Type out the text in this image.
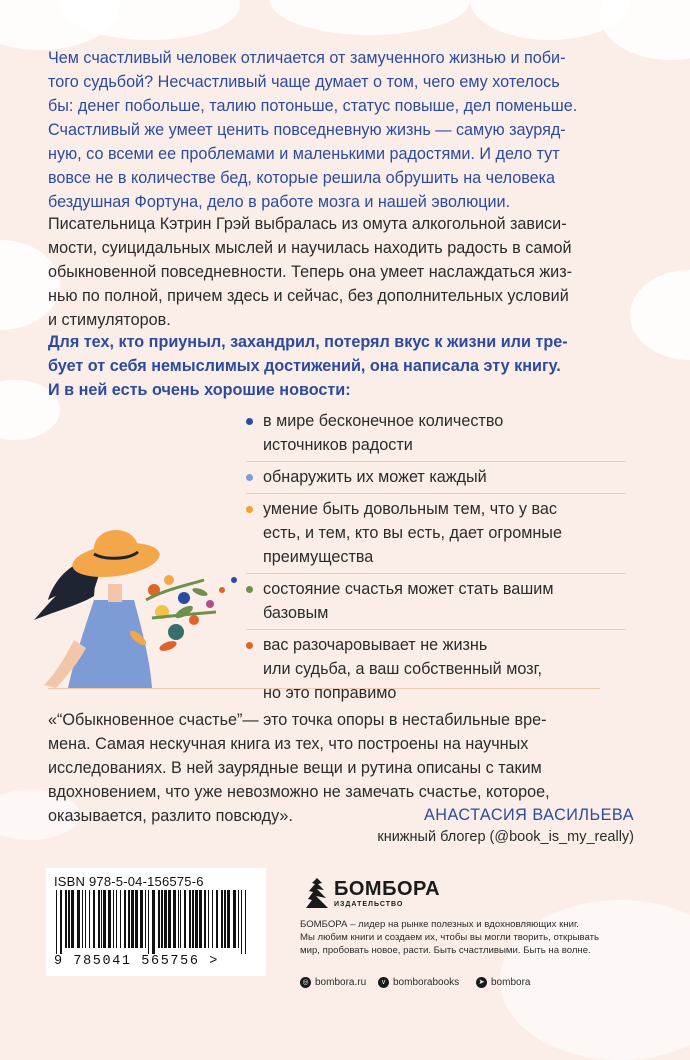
Чем счастливый человек отличается от замученного жизнью и поби-
того судьбой? Несчастливый чаще думает о том, чего ему хотелось
бы: денег побольше, талию потоньше, статус повыше, дел поменьше.
Счастливый же умеет ценить повседневную жизнь — самую зауряд-
ную, со всеми ее проблемами и маленькими радостями. И дело тут
вовсе не в количестве бед, которые решила обрушить на человека
бездушная Фортуна, дело в работе мозга и нашей эволюции.
Писательница Кэтрин Грэй выбралась из омута алкогольной зависи-
мости, суицидальных мыслей и научилась находить радость в самой
обыкновенной повседневности. Теперь она умеет наслаждаться жиз-
нью по полной, причем здесь и сейчас, без дополнительных условий
и стимуляторов.
Для тех, кто приуныл, захандрил, потерял вкус к жизни или тре-
бует от себя немыслимых достижений, она написала эту книгу.
И в ней есть очень хорошие новости:
в мире бесконечное количество
источников радости
обнаружить их может каждый
умение быть довольным тем, что у вас
есть, и тем, кто вы есть, дает огромные
преимущества
состояние счастья может стать вашим
базовым
вас разочаровывает не жизнь
или судьба, а ваш собственный мозг,
но это поправимо
«“Обыкновенное счастье”— это точка опоры в нестабильные вре-
мена. Самая нескучная книга из тех, что построены на научных
исследованиях. В ней заурядные вещи и рутина описаны с таким
вдохновением, что уже невозможно не замечать счастье, которое,
оказывается, разлито повсюду».	АНАСТАСИЯ ВАСИЛЬЕВА
книжный блогер (@book_is_my_really)
ISBN 978-5-04-156575-6
9 785041 565756 >
БОМБОРА
ИЗДАТЕЛЬСТВО
БОМБОРА – лидер на рынке полезных и вдохновляющих книг.
Мы любим книги и создаем их, чтобы вы могли творить, открывать
мир, пробовать новое, расти. Быть счастливыми. Быть на волне.
◎ bombora.ru	v bomborabooks	➤ bombora
